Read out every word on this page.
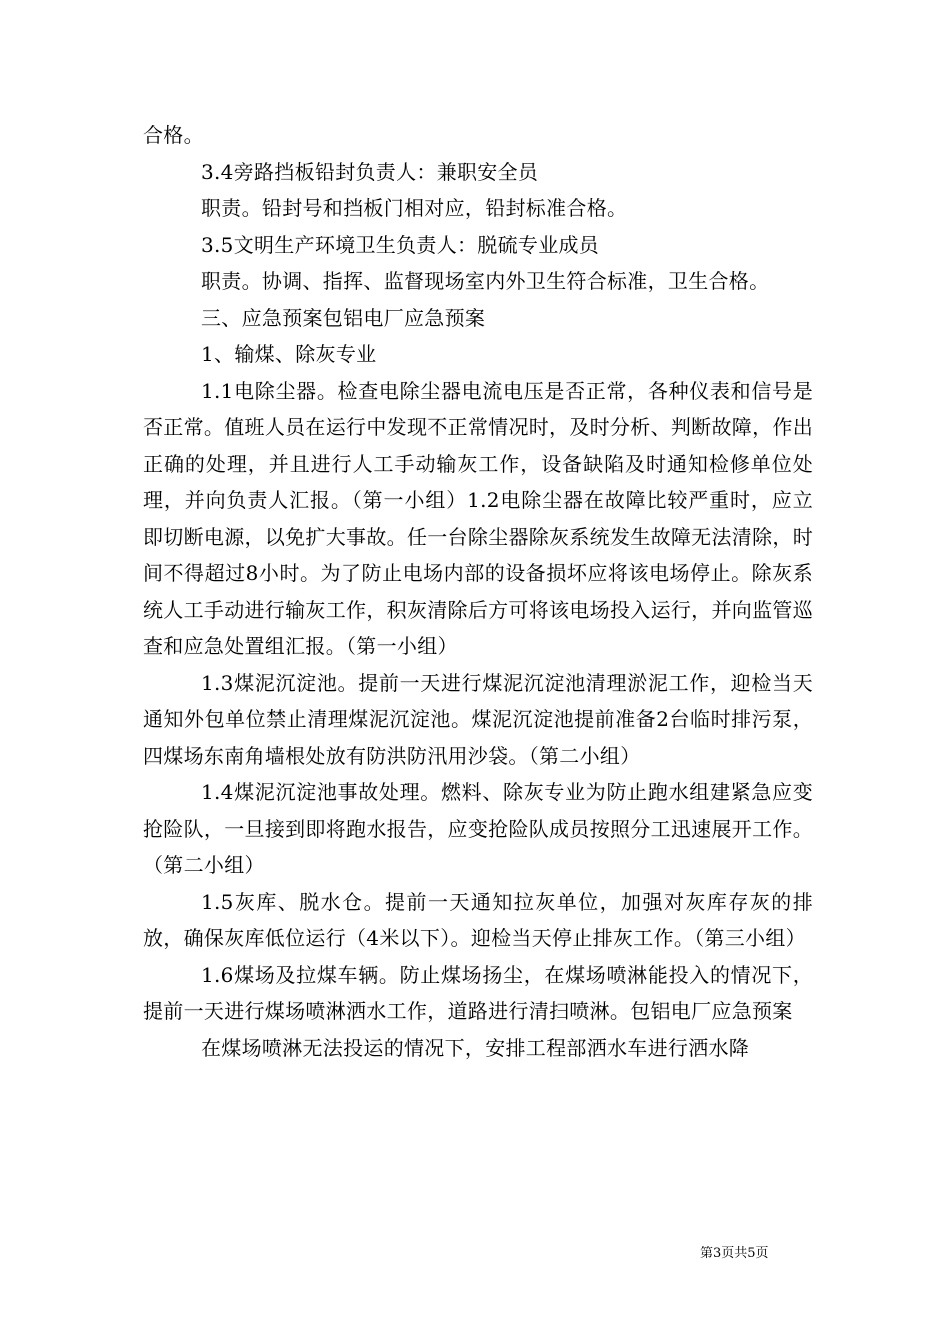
合格。

3.4旁路挡板铅封负责人：兼职安全员

职责。铅封号和挡板门相对应，铅封标准合格。

3.5文明生产环境卫生负责人：脱硫专业成员

职责。协调、指挥、监督现场室内外卫生符合标准，卫生合格。

三、应急预案包铝电厂应急预案

1、输煤、除灰专业

1.1电除尘器。检查电除尘器电流电压是否正常，各种仪表和信号是否正常。值班人员在运行中发现不正常情况时，及时分析、判断故障，作出正确的处理，并且进行人工手动输灰工作，设备缺陷及时通知检修单位处理，并向负责人汇报。（第一小组）1.2电除尘器在故障比较严重时，应立即切断电源，以免扩大事故。任一台除尘器除灰系统发生故障无法清除，时间不得超过8小时。为了防止电场内部的设备损坏应将该电场停止。除灰系统人工手动进行输灰工作，积灰清除后方可将该电场投入运行，并向监管巡查和应急处置组汇报。（第一小组）

1.3煤泥沉淀池。提前一天进行煤泥沉淀池清理淤泥工作，迎检当天通知外包单位禁止清理煤泥沉淀池。煤泥沉淀池提前准备2台临时排污泵，四煤场东南角墙根处放有防洪防汛用沙袋。（第二小组）

1.4煤泥沉淀池事故处理。燃料、除灰专业为防止跑水组建紧急应变抢险队，一旦接到即将跑水报告，应变抢险队成员按照分工迅速展开工作。（第二小组）

1.5灰库、脱水仓。提前一天通知拉灰单位，加强对灰库存灰的排放，确保灰库低位运行（4米以下）。迎检当天停止排灰工作。（第三小组）

1.6煤场及拉煤车辆。防止煤场扬尘，在煤场喷淋能投入的情况下，提前一天进行煤场喷淋洒水工作，道路进行清扫喷淋。包铝电厂应急预案

在煤场喷淋无法投运的情况下，安排工程部洒水车进行洒水降

第3页共5页
